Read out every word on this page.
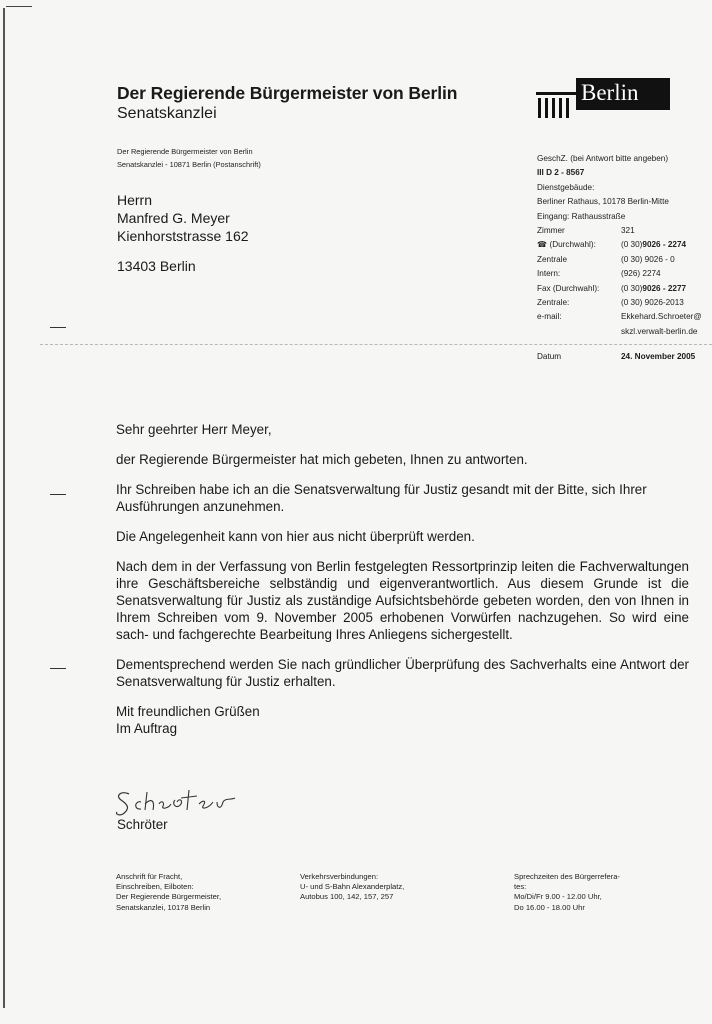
Der Regierende Bürgermeister von Berlin
Senatskanzlei
Berlin
Der Regierende Bürgermeister von Berlin
Senatskanzlei - 10871 Berlin (Postanschrift)
Herrn
Manfred G. Meyer
Kienhorststrasse 162
13403 Berlin
GeschZ. (bei Antwort bitte angeben)
III D 2 - 8567
Dienstgebäude:
Berliner Rathaus, 10178 Berlin-Mitte
Eingang: Rathausstraße
Zimmer	321
☎ (Durchwahl):	(0 30) 9026 - 2274
Zentrale	(0 30) 9026 - 0
Intern:	(926) 2274
Fax (Durchwahl):	(0 30) 9026 - 2277
Zentrale:	(0 30) 9026-2013
e-mail:	Ekkehard.Schroeter@
skzl.verwalt-berlin.de
Datum	24. November 2005

Sehr geehrter Herr Meyer,

der Regierende Bürgermeister hat mich gebeten, Ihnen zu antworten.

Ihr Schreiben habe ich an die Senatsverwaltung für Justiz gesandt mit der Bitte, sich Ihrer Ausführungen anzunehmen.

Die Angelegenheit kann von hier aus nicht überprüft werden.

Nach dem in der Verfassung von Berlin festgelegten Ressortprinzip leiten die Fachverwaltungen ihre Geschäftsbereiche selbständig und eigenverantwortlich. Aus diesem Grunde ist die Senatsverwaltung für Justiz als zuständige Aufsichtsbehörde gebeten worden, den von Ihnen in Ihrem Schreiben vom 9. November 2005 erhobenen Vorwürfen nachzugehen. So wird eine sach- und fachgerechte Bearbeitung Ihres Anliegens sichergestellt.

Dementsprechend werden Sie nach gründlicher Überprüfung des Sachverhalts eine Antwort der Senatsverwaltung für Justiz erhalten.

Mit freundlichen Grüßen
Im Auftrag
Schröter
Schröter
Anschrift für Fracht,
Einschreiben, Eilboten:
Der Regierende Bürgermeister,
Senatskanzlei, 10178 Berlin
Verkehrsverbindungen:
U- und S-Bahn Alexanderplatz,
Autobus 100, 142, 157, 257
Sprechzeiten des Bürgerrefera-
tes:
Mo/Di/Fr 9.00 - 12.00 Uhr,
Do 16.00 - 18.00 Uhr
